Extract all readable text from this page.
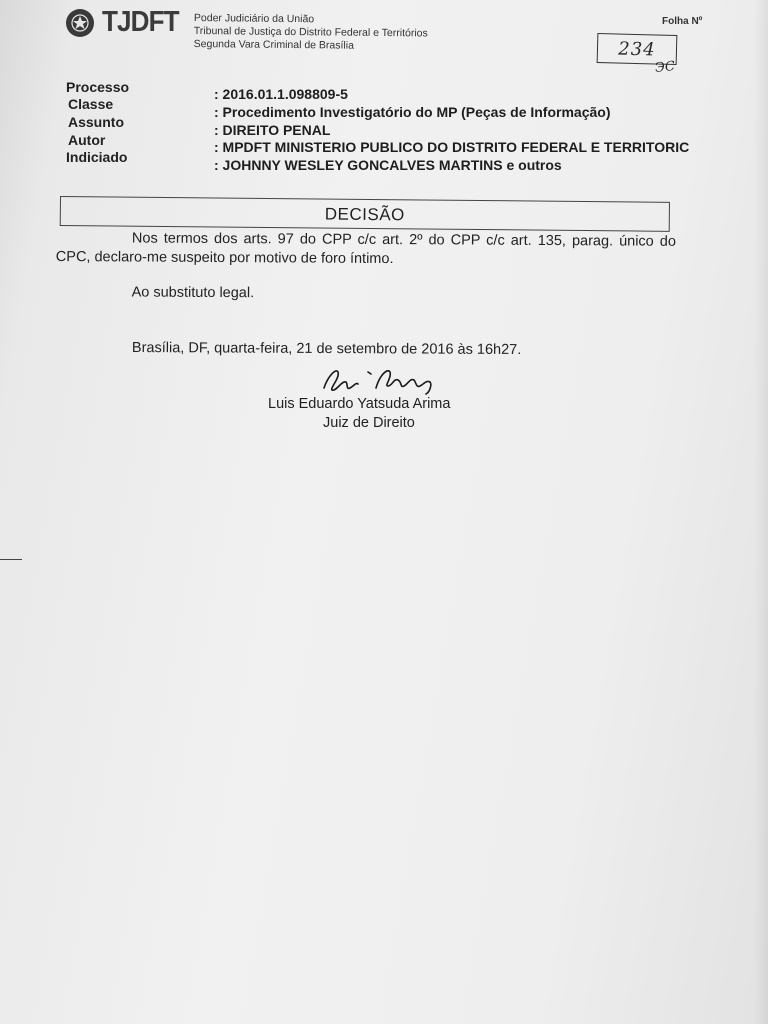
TJDFT Poder Judiciário da União
Tribunal de Justiça do Distrito Federal e Territórios
Segunda Vara Criminal de Brasília
Folha Nº
234
ЭС
Processo	: 2016.01.1.098809-5
Classe	: Procedimento Investigatório do MP (Peças de Informação)
Assunto	: DIREITO PENAL
Autor	: MPDFT MINISTERIO PUBLICO DO DISTRITO FEDERAL E TERRITORIC
Indiciado	: JOHNNY WESLEY GONCALVES MARTINS e outros
DECISÃO
Nos termos dos arts. 97 do CPP c/c art. 2º do CPP c/c art. 135, parag. único do CPC, declaro-me suspeito por motivo de foro íntimo.
Ao substituto legal.
Brasília, DF, quarta-feira, 21 de setembro de 2016 às 16h27.
Luis Eduardo Yatsuda Arima
Juiz de Direito
